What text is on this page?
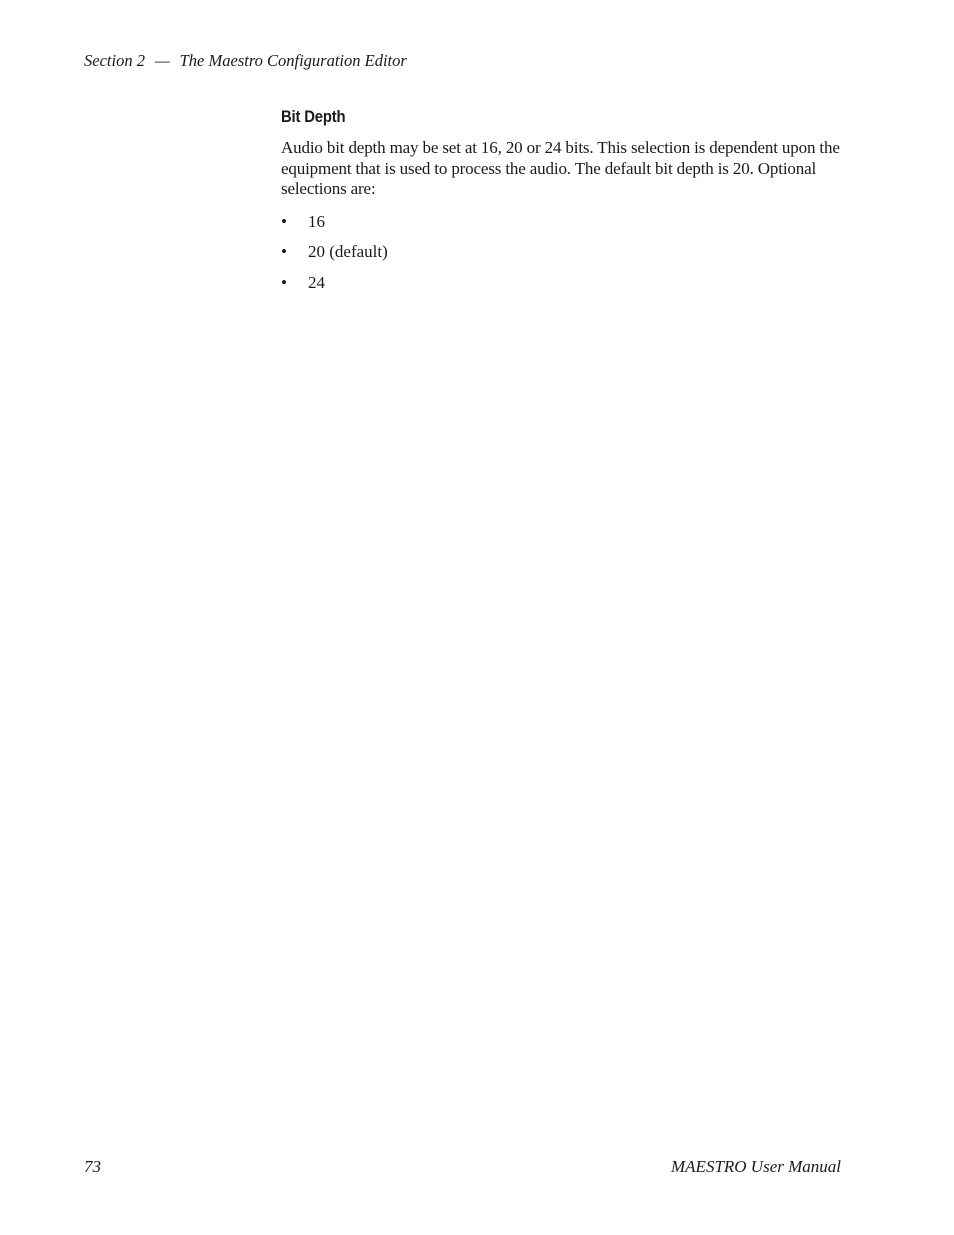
Section 2 — The Maestro Configuration Editor
Bit Depth

Audio bit depth may be set at 16, 20 or 24 bits. This selection is dependent upon the equipment that is used to process the audio. The default bit depth is 20. Optional selections are:

• 16
• 20 (default)
• 24
73	MAESTRO User Manual
